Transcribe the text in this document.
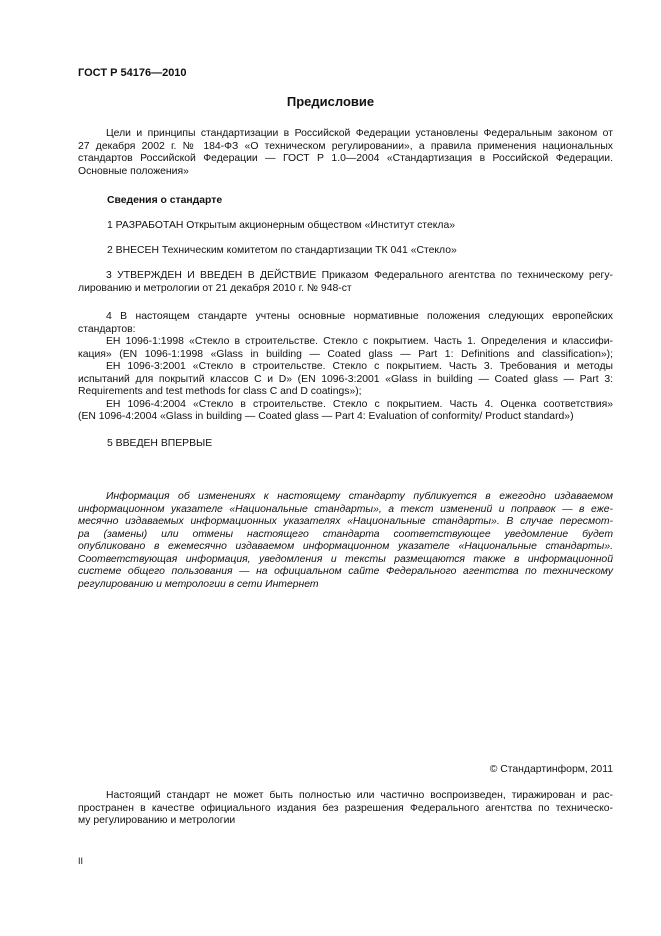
ГОСТ Р 54176—2010
Предисловие
Цели и принципы стандартизации в Российской Федерации установлены Федеральным законом от
27 декабря 2002 г. № 184-ФЗ «О техническом регулировании», а правила применения национальных
стандартов Российской Федерации — ГОСТ Р 1.0—2004 «Стандартизация в Российской Федерации.
Основные положения»
Сведения о стандарте
1 РАЗРАБОТАН Открытым акционерным обществом «Институт стекла»
2 ВНЕСЕН Техническим комитетом по стандартизации ТК 041 «Стекло»
3 УТВЕРЖДЕН И ВВЕДЕН В ДЕЙСТВИЕ Приказом Федерального агентства по техническому регу-
лированию и метрологии от 21 декабря 2010 г. № 948-ст
4 В настоящем стандарте учтены основные нормативные положения следующих европейских
стандартов:
ЕН 1096-1:1998 «Стекло в строительстве. Стекло с покрытием. Часть 1. Определения и классифи-
кация» (EN 1096-1:1998 «Glass in building — Coated glass — Part 1: Definitions and classification»);
ЕН 1096-3:2001 «Стекло в строительстве. Стекло с покрытием. Часть 3. Требования и методы
испытаний для покрытий классов С и D» (EN 1096-3:2001 «Glass in building — Coated glass — Part 3:
Requirements and test methods for class C and D coatings»);
ЕН 1096-4:2004 «Стекло в строительстве. Стекло с покрытием. Часть 4. Оценка соответствия»
(EN 1096-4:2004 «Glass in building — Coated glass — Part 4: Evaluation of conformity/ Product standard»)
5 ВВЕДЕН ВПЕРВЫЕ
Информация об изменениях к настоящему стандарту публикуется в ежегодно издаваемом
информационном указателе «Национальные стандарты», а текст изменений и поправок — в еже-
месячно издаваемых информационных указателях «Национальные стандарты». В случае пересмот-
ра (замены) или отмены настоящего стандарта соответствующее уведомление будет
опубликовано в ежемесячно издаваемом информационном указателе «Национальные стандарты».
Соответствующая информация, уведомления и тексты размещаются также в информационной
системе общего пользования — на официальном сайте Федерального агентства по техническому
регулированию и метрологии в сети Интернет
© Стандартинформ, 2011
Настоящий стандарт не может быть полностью или частично воспроизведен, тиражирован и рас-
пространен в качестве официального издания без разрешения Федерального агентства по техническо-
му регулированию и метрологии
II
